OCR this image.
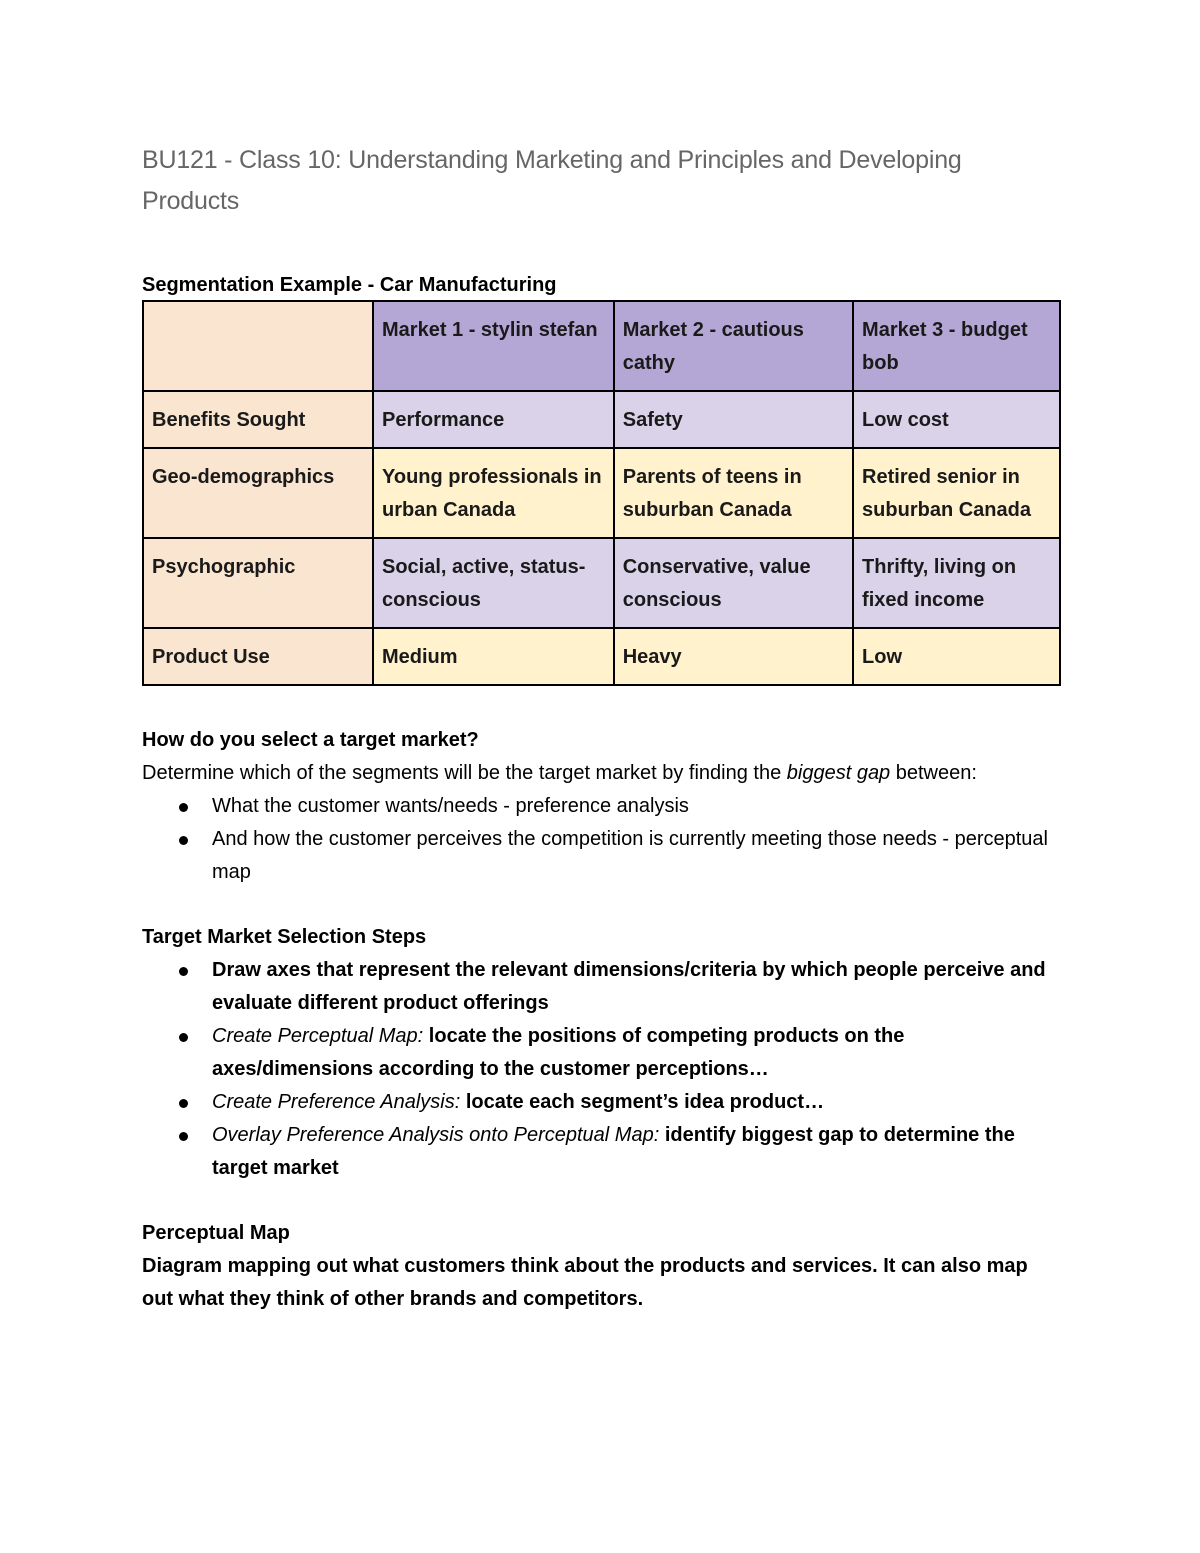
BU121 - Class 10: Understanding Marketing and Principles and Developing Products
Segmentation Example - Car Manufacturing
	Market 1 - stylin stefan	Market 2 - cautious cathy	Market 3 - budget bob
Benefits Sought	Performance	Safety	Low cost
Geo-demographics	Young professionals in urban Canada	Parents of teens in suburban Canada	Retired senior in suburban Canada
Psychographic	Social, active, status-conscious	Conservative, value conscious	Thrifty, living on fixed income
Product Use	Medium	Heavy	Low

How do you select a target market?

Determine which of the segments will be the target market by finding the biggest gap between:

What the customer wants/needs - preference analysis
And how the customer perceives the competition is currently meeting those needs - perceptual map

Target Market Selection Steps

Draw axes that represent the relevant dimensions/criteria by which people perceive and evaluate different product offerings
Create Perceptual Map: locate the positions of competing products on the axes/dimensions according to the customer perceptions…
Create Preference Analysis: locate each segment’s idea product…
Overlay Preference Analysis onto Perceptual Map: identify biggest gap to determine the target market

Perceptual Map

Diagram mapping out what customers think about the products and services. It can also map out what they think of other brands and competitors.
